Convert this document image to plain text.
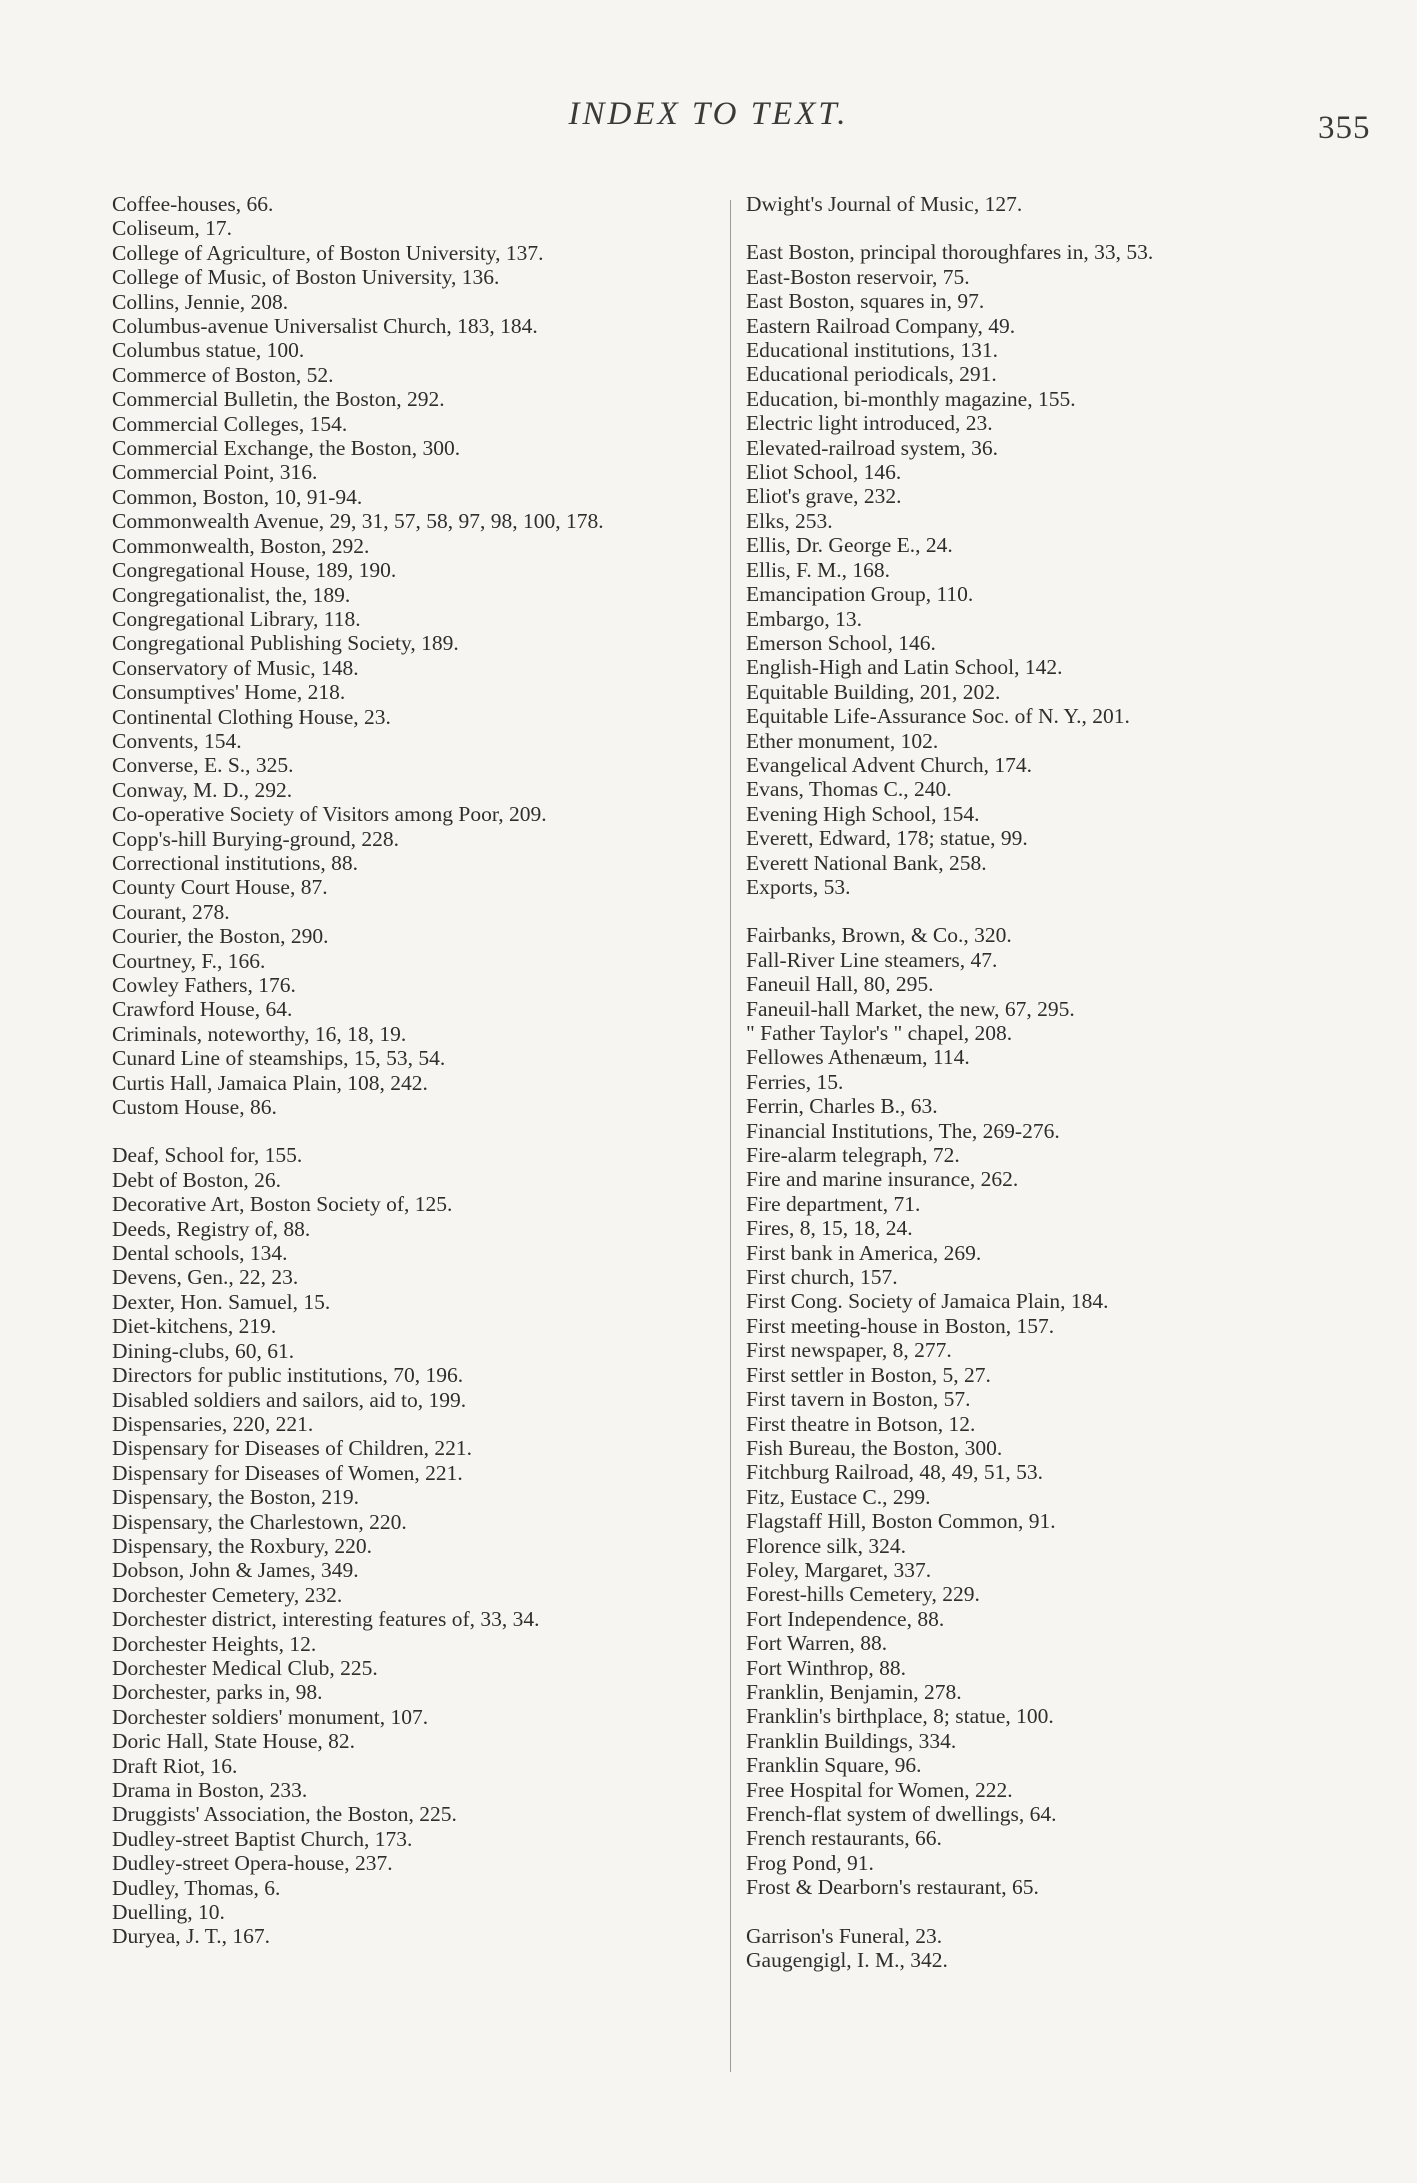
INDEX TO TEXT.	355
Coffee-houses, 66.
Coliseum, 17.
College of Agriculture, of Boston University, 137.
College of Music, of Boston University, 136.
Collins, Jennie, 208.
Columbus-avenue Universalist Church, 183, 184.
Columbus statue, 100.
Commerce of Boston, 52.
Commercial Bulletin, the Boston, 292.
Commercial Colleges, 154.
Commercial Exchange, the Boston, 300.
Commercial Point, 316.
Common, Boston, 10, 91-94.
Commonwealth Avenue, 29, 31, 57, 58, 97, 98, 100, 178.
Commonwealth, Boston, 292.
Congregational House, 189, 190.
Congregationalist, the, 189.
Congregational Library, 118.
Congregational Publishing Society, 189.
Conservatory of Music, 148.
Consumptives' Home, 218.
Continental Clothing House, 23.
Convents, 154.
Converse, E. S., 325.
Conway, M. D., 292.
Co-operative Society of Visitors among Poor, 209.
Copp's-hill Burying-ground, 228.
Correctional institutions, 88.
County Court House, 87.
Courant, 278.
Courier, the Boston, 290.
Courtney, F., 166.
Cowley Fathers, 176.
Crawford House, 64.
Criminals, noteworthy, 16, 18, 19.
Cunard Line of steamships, 15, 53, 54.
Curtis Hall, Jamaica Plain, 108, 242.
Custom House, 86.
Deaf, School for, 155.
Debt of Boston, 26.
Decorative Art, Boston Society of, 125.
Deeds, Registry of, 88.
Dental schools, 134.
Devens, Gen., 22, 23.
Dexter, Hon. Samuel, 15.
Diet-kitchens, 219.
Dining-clubs, 60, 61.
Directors for public institutions, 70, 196.
Disabled soldiers and sailors, aid to, 199.
Dispensaries, 220, 221.
Dispensary for Diseases of Children, 221.
Dispensary for Diseases of Women, 221.
Dispensary, the Boston, 219.
Dispensary, the Charlestown, 220.
Dispensary, the Roxbury, 220.
Dobson, John & James, 349.
Dorchester Cemetery, 232.
Dorchester district, interesting features of, 33, 34.
Dorchester Heights, 12.
Dorchester Medical Club, 225.
Dorchester, parks in, 98.
Dorchester soldiers' monument, 107.
Doric Hall, State House, 82.
Draft Riot, 16.
Drama in Boston, 233.
Druggists' Association, the Boston, 225.
Dudley-street Baptist Church, 173.
Dudley-street Opera-house, 237.
Dudley, Thomas, 6.
Duelling, 10.
Duryea, J. T., 167.
Dwight's Journal of Music, 127.
East Boston, principal thoroughfares in, 33, 53.
East-Boston reservoir, 75.
East Boston, squares in, 97.
Eastern Railroad Company, 49.
Educational institutions, 131.
Educational periodicals, 291.
Education, bi-monthly magazine, 155.
Electric light introduced, 23.
Elevated-railroad system, 36.
Eliot School, 146.
Eliot's grave, 232.
Elks, 253.
Ellis, Dr. George E., 24.
Ellis, F. M., 168.
Emancipation Group, 110.
Embargo, 13.
Emerson School, 146.
English-High and Latin School, 142.
Equitable Building, 201, 202.
Equitable Life-Assurance Soc. of N. Y., 201.
Ether monument, 102.
Evangelical Advent Church, 174.
Evans, Thomas C., 240.
Evening High School, 154.
Everett, Edward, 178; statue, 99.
Everett National Bank, 258.
Exports, 53.
Fairbanks, Brown, & Co., 320.
Fall-River Line steamers, 47.
Faneuil Hall, 80, 295.
Faneuil-hall Market, the new, 67, 295.
" Father Taylor's " chapel, 208.
Fellowes Athenæum, 114.
Ferries, 15.
Ferrin, Charles B., 63.
Financial Institutions, The, 269-276.
Fire-alarm telegraph, 72.
Fire and marine insurance, 262.
Fire department, 71.
Fires, 8, 15, 18, 24.
First bank in America, 269.
First church, 157.
First Cong. Society of Jamaica Plain, 184.
First meeting-house in Boston, 157.
First newspaper, 8, 277.
First settler in Boston, 5, 27.
First tavern in Boston, 57.
First theatre in Botson, 12.
Fish Bureau, the Boston, 300.
Fitchburg Railroad, 48, 49, 51, 53.
Fitz, Eustace C., 299.
Flagstaff Hill, Boston Common, 91.
Florence silk, 324.
Foley, Margaret, 337.
Forest-hills Cemetery, 229.
Fort Independence, 88.
Fort Warren, 88.
Fort Winthrop, 88.
Franklin, Benjamin, 278.
Franklin's birthplace, 8; statue, 100.
Franklin Buildings, 334.
Franklin Square, 96.
Free Hospital for Women, 222.
French-flat system of dwellings, 64.
French restaurants, 66.
Frog Pond, 91.
Frost & Dearborn's restaurant, 65.
Garrison's Funeral, 23.
Gaugengigl, I. M., 342.
